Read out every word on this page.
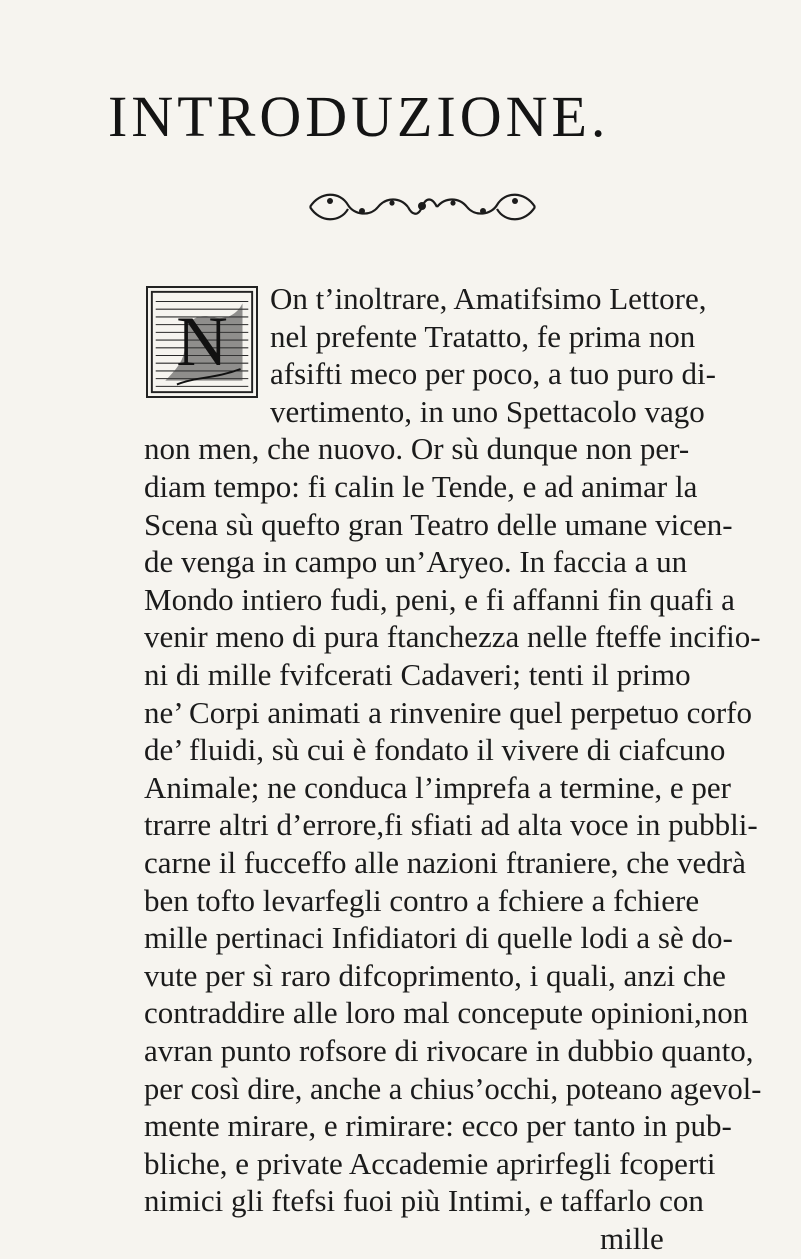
INTRODUZIONE.
N
On t’inoltrare, Amatifsimo Lettore,
nel prefente Tratatto, fe prima non
afsifti meco per poco, a tuo puro di-
vertimento, in uno Spettacolo vago
non men, che nuovo. Or sù dunque non per-
diam tempo: fi calin le Tende, e ad animar la
Scena sù quefto gran Teatro delle umane vicen-
de venga in campo un’Aryeo. In faccia a un
Mondo intiero fudi, peni, e fi affanni fin quafi a
venir meno di pura ftanchezza nelle fteffe incifio-
ni di mille fvifcerati Cadaveri; tenti il primo
ne’ Corpi animati a rinvenire quel perpetuo corfo
de’ fluidi, sù cui è fondato il vivere di ciafcuno
Animale; ne conduca l’imprefa a termine, e per
trarre altri d’errore,fi sfiati ad alta voce in pubbli-
carne il fucceffo alle nazioni ftraniere, che vedrà
ben tofto levarfegli contro a fchiere a fchiere
mille pertinaci Infidiatori di quelle lodi a sè do-
vute per sì raro difcoprimento, i quali, anzi che
contraddire alle loro mal concepute opinioni,non
avran punto rofsore di rivocare in dubbio quanto,
per così dire, anche a chius’occhi, poteano agevol-
mente mirare, e rimirare: ecco per tanto in pub-
bliche, e private Accademie aprirfegli fcoperti
nimici gli ftefsi fuoi più Intimi, e taffarlo con
mille
